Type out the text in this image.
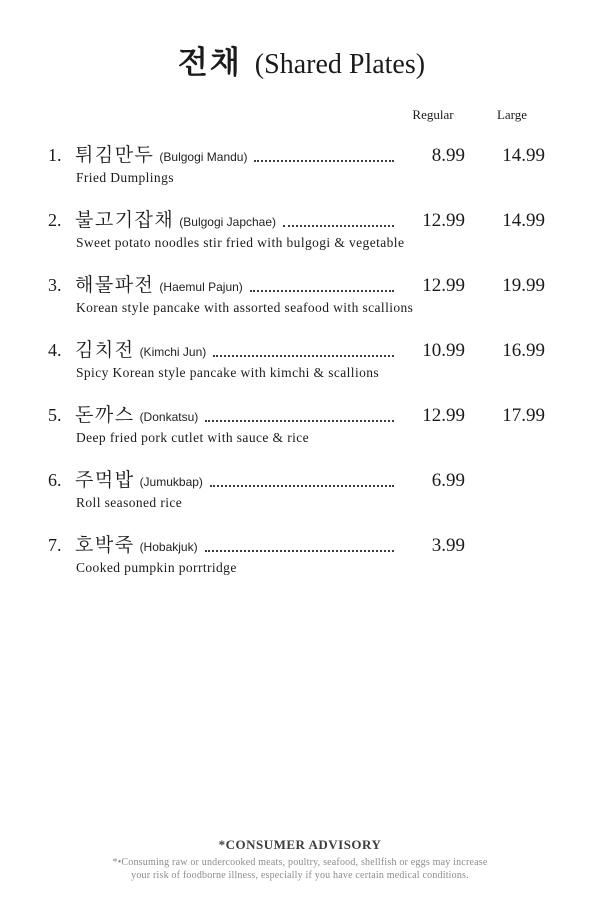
전채 (Shared Plates)
Regular	Large
1. 튀김만두 (Bulgogi Mandu)	8.99	14.99
Fried Dumplings
2. 불고기잡채 (Bulgogi Japchae)	12.99	14.99
Sweet potato noodles stir fried with bulgogi & vegetable
3. 해물파전 (Haemul Pajun)	12.99	19.99
Korean style pancake with assorted seafood with scallions
4. 김치전 (Kimchi Jun)	10.99	16.99
Spicy Korean style pancake with kimchi & scallions
5. 돈까스 (Donkatsu)	12.99	17.99
Deep fried pork cutlet with sauce & rice
6. 주먹밥 (Jumukbap)	6.99
Roll seasoned rice
7. 호박죽 (Hobakjuk)	3.99
Cooked pumpkin porrtridge
*CONSUMER ADVISORY
*•Consuming raw or undercooked meats, poultry, seafood, shellfish or eggs may increase
your risk of foodborne illness, especially if you have certain medical conditions.
